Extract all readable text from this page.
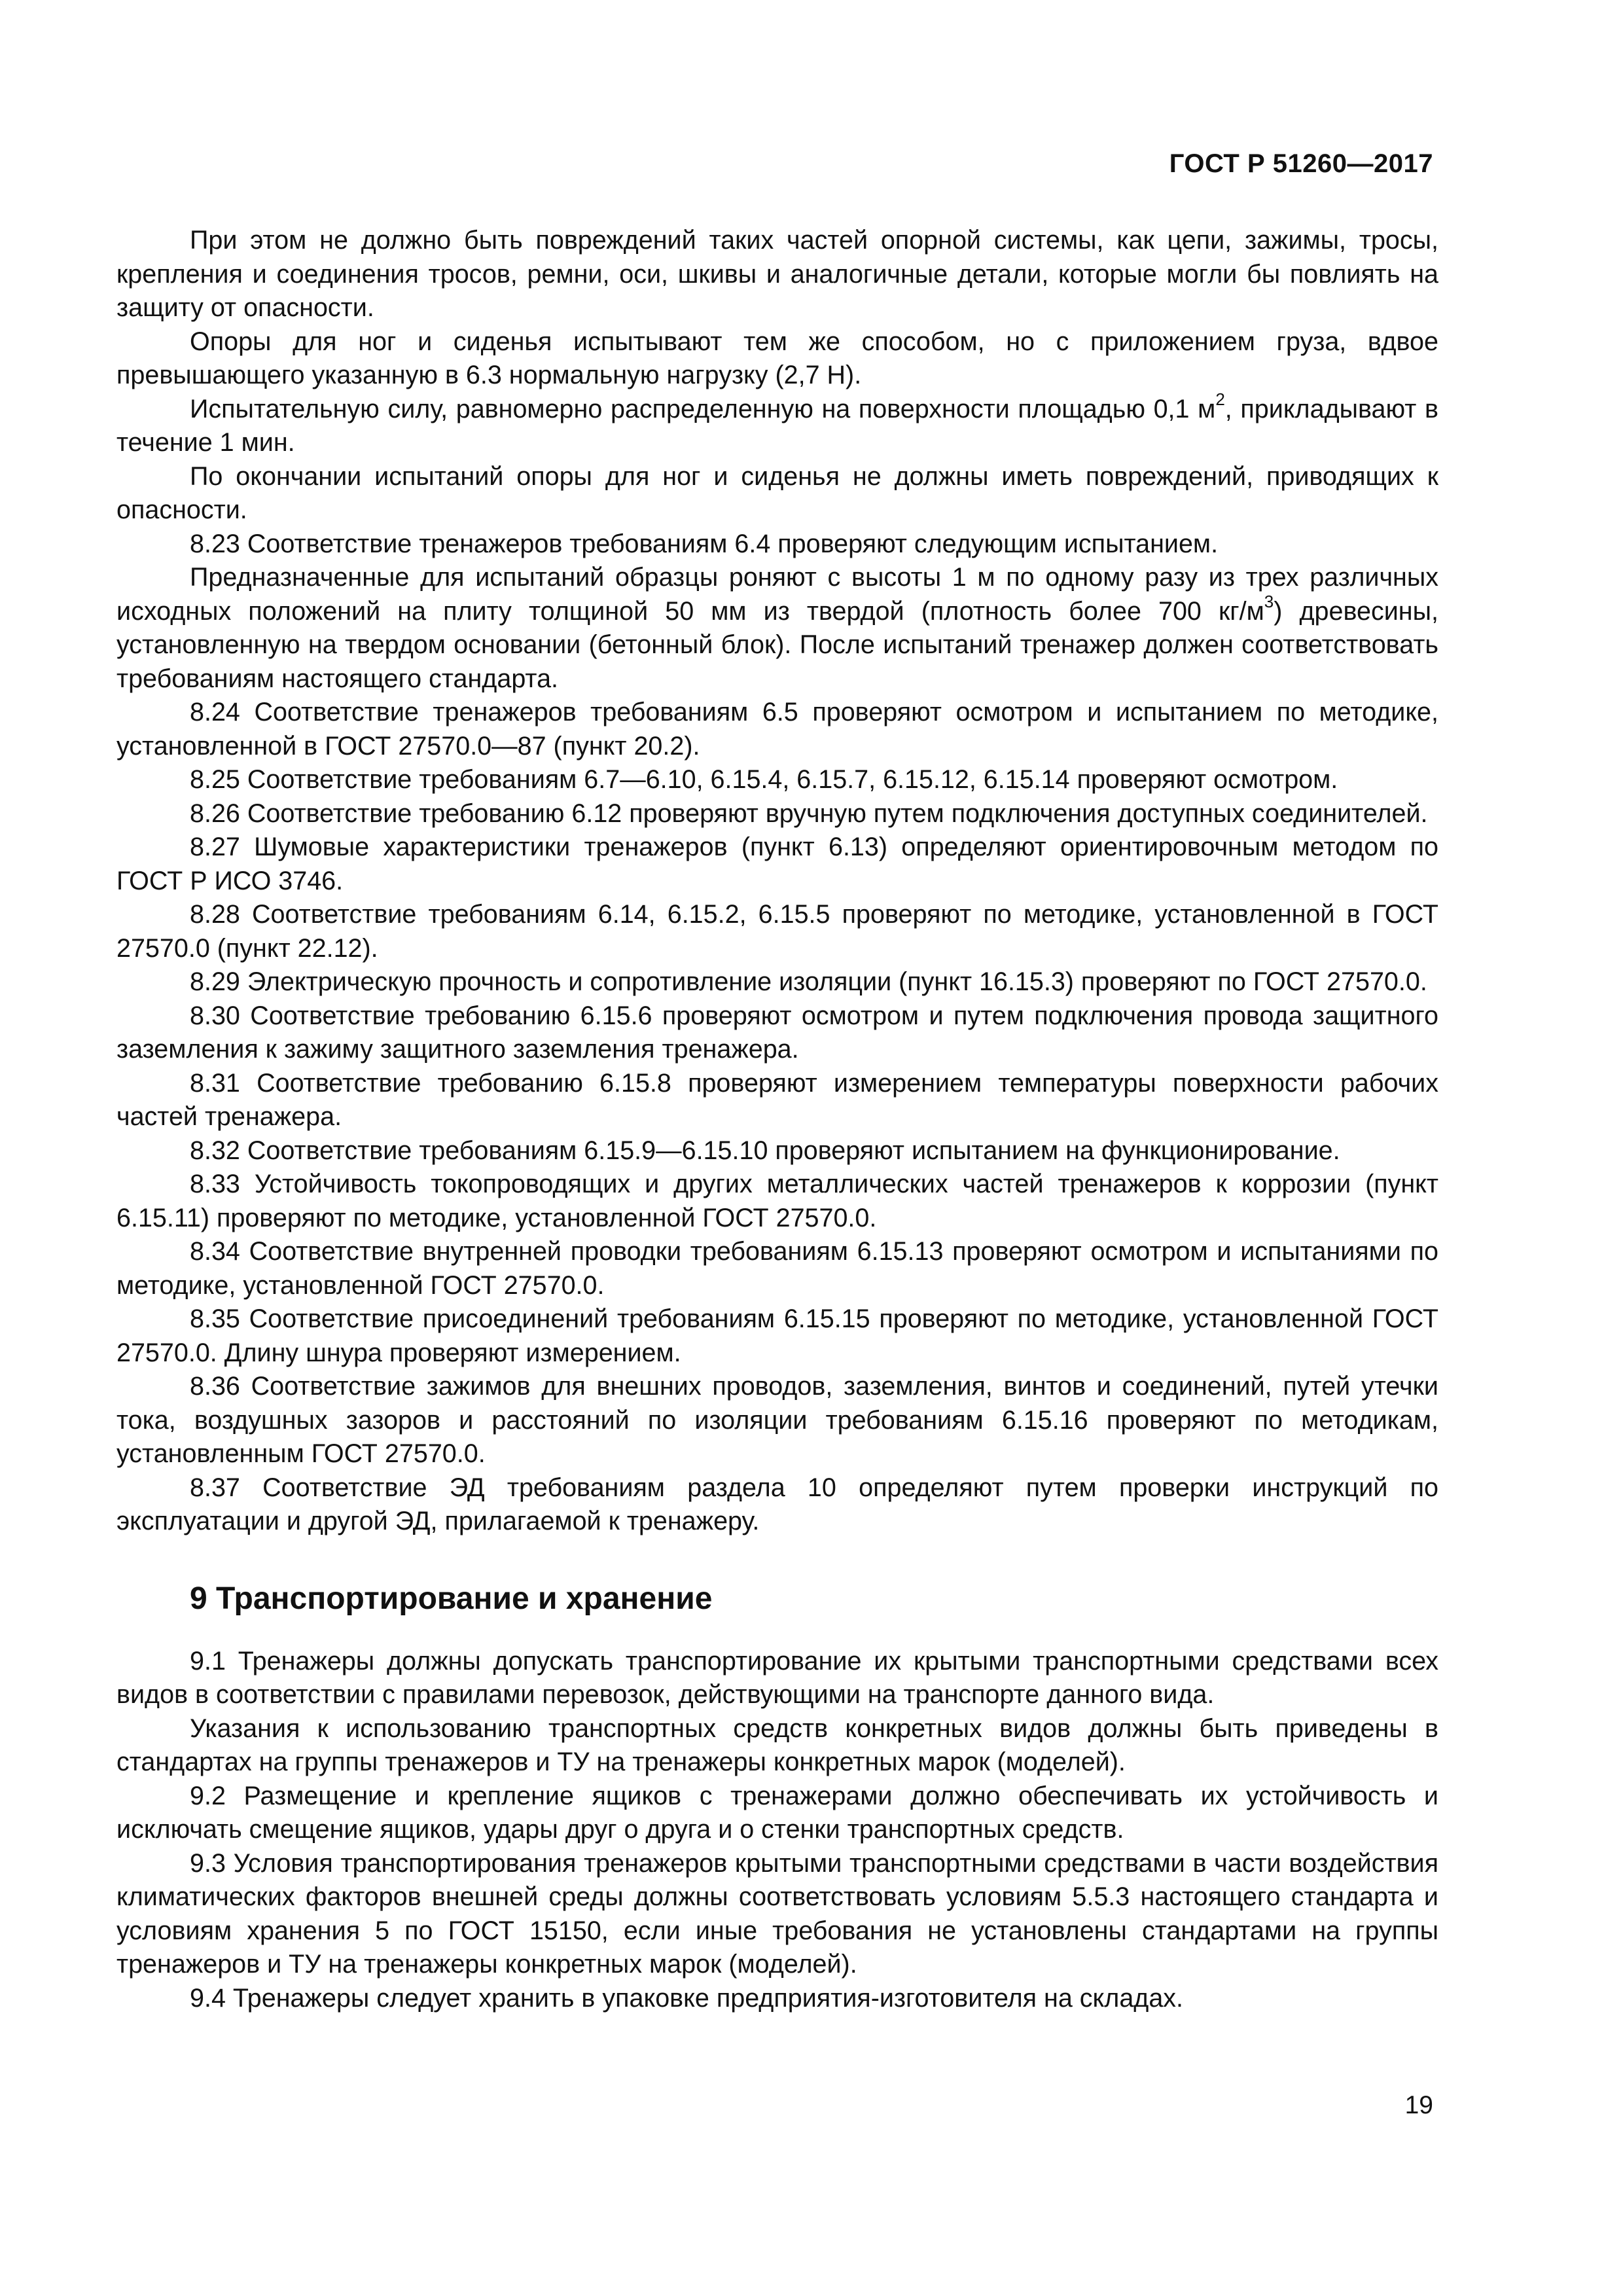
ГОСТ Р 51260—2017

При этом не должно быть повреждений таких частей опорной системы, как цепи, зажимы, тросы, крепления и соединения тросов, ремни, оси, шкивы и аналогичные детали, которые могли бы повлиять на защиту от опасности.

Опоры для ног и сиденья испытывают тем же способом, но с приложением груза, вдвое превышающего указанную в 6.3 нормальную нагрузку (2,7 Н).

Испытательную силу, равномерно распределенную на поверхности площадью 0,1 $м^2$, прикладывают в течение 1 мин.

По окончании испытаний опоры для ног и сиденья не должны иметь повреждений, приводящих к опасности.

8.23 Соответствие тренажеров требованиям 6.4 проверяют следующим испытанием.

Предназначенные для испытаний образцы роняют с высоты 1 м по одному разу из трех различных исходных положений на плиту толщиной 50 мм из твердой (плотность более 700 $кг/м^3$) древесины, установленную на твердом основании (бетонный блок). После испытаний тренажер должен соответствовать требованиям настоящего стандарта.

8.24 Соответствие тренажеров требованиям 6.5 проверяют осмотром и испытанием по методике, установленной в ГОСТ 27570.0—87 (пункт 20.2).

8.25 Соответствие требованиям 6.7—6.10, 6.15.4, 6.15.7, 6.15.12, 6.15.14 проверяют осмотром.

8.26 Соответствие требованию 6.12 проверяют вручную путем подключения доступных соединителей.

8.27 Шумовые характеристики тренажеров (пункт 6.13) определяют ориентировочным методом по ГОСТ Р ИСО 3746.

8.28 Соответствие требованиям 6.14, 6.15.2, 6.15.5 проверяют по методике, установленной в ГОСТ 27570.0 (пункт 22.12).

8.29 Электрическую прочность и сопротивление изоляции (пункт 16.15.3) проверяют по ГОСТ 27570.0.

8.30 Соответствие требованию 6.15.6 проверяют осмотром и путем подключения провода защитного заземления к зажиму защитного заземления тренажера.

8.31 Соответствие требованию 6.15.8 проверяют измерением температуры поверхности рабочих частей тренажера.

8.32 Соответствие требованиям 6.15.9—6.15.10 проверяют испытанием на функционирование.

8.33 Устойчивость токопроводящих и других металлических частей тренажеров к коррозии (пункт 6.15.11) проверяют по методике, установленной ГОСТ 27570.0.

8.34 Соответствие внутренней проводки требованиям 6.15.13 проверяют осмотром и испытаниями по методике, установленной ГОСТ 27570.0.

8.35 Соответствие присоединений требованиям 6.15.15 проверяют по методике, установленной ГОСТ 27570.0. Длину шнура проверяют измерением.

8.36 Соответствие зажимов для внешних проводов, заземления, винтов и соединений, путей утечки тока, воздушных зазоров и расстояний по изоляции требованиям 6.15.16 проверяют по методикам, установленным ГОСТ 27570.0.

8.37 Соответствие ЭД требованиям раздела 10 определяют путем проверки инструкций по эксплуатации и другой ЭД, прилагаемой к тренажеру.

9 Транспортирование и хранение

9.1 Тренажеры должны допускать транспортирование их крытыми транспортными средствами всех видов в соответствии с правилами перевозок, действующими на транспорте данного вида.

Указания к использованию транспортных средств конкретных видов должны быть приведены в стандартах на группы тренажеров и ТУ на тренажеры конкретных марок (моделей).

9.2 Размещение и крепление ящиков с тренажерами должно обеспечивать их устойчивость и исключать смещение ящиков, удары друг о друга и о стенки транспортных средств.

9.3 Условия транспортирования тренажеров крытыми транспортными средствами в части воздействия климатических факторов внешней среды должны соответствовать условиям 5.5.3 настоящего стандарта и условиям хранения 5 по ГОСТ 15150, если иные требования не установлены стандартами на группы тренажеров и ТУ на тренажеры конкретных марок (моделей).

9.4 Тренажеры следует хранить в упаковке предприятия-изготовителя на складах.

19
